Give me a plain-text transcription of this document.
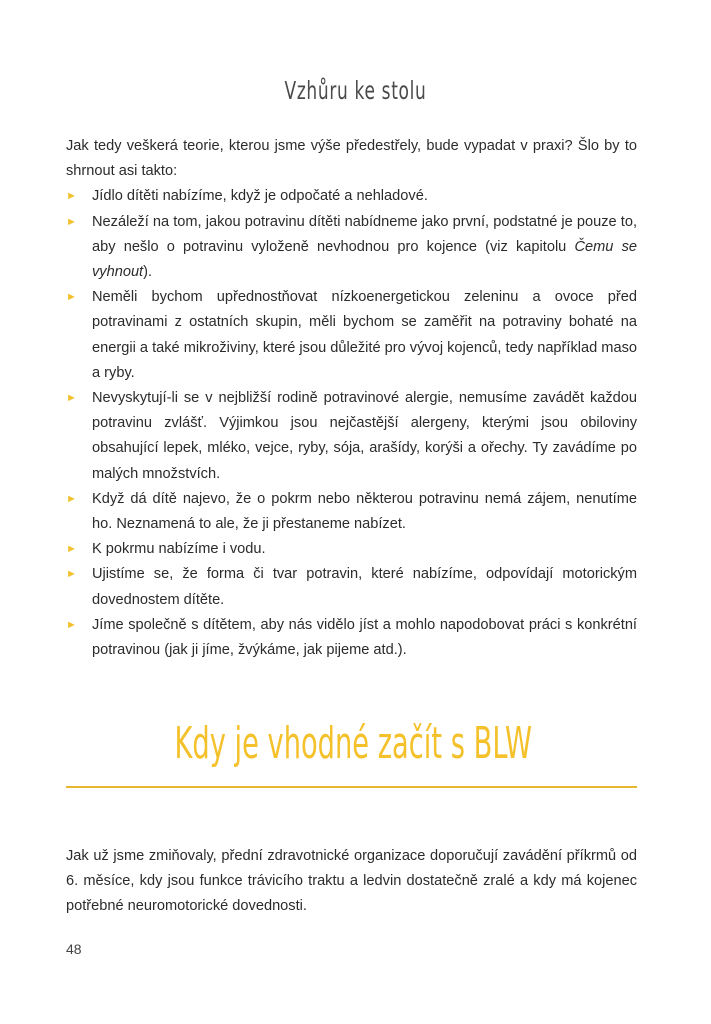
Vzhůru ke stolu

Jak tedy veškerá teorie, kterou jsme výše předestřely, bude vypadat v praxi? Šlo by to shrnout asi takto:

► Jídlo dítěti nabízíme, když je odpočaté a nehladové.
► Nezáleží na tom, jakou potravinu dítěti nabídneme jako první, podstatné je pouze to, aby nešlo o potravinu vyloženě nevhodnou pro kojence (viz kapitolu Čemu se vyhnout).
► Neměli bychom upřednostňovat nízkoenergetickou zeleninu a ovoce před potravinami z ostatních skupin, měli bychom se zaměřit na potraviny bohaté na energii a také mikroživiny, které jsou důležité pro vývoj kojenců, tedy například maso a ryby.
► Nevyskytují-li se v nejbližší rodině potravinové alergie, nemusíme zavádět každou potravinu zvlášť. Výjimkou jsou nejčastější alergeny, kterými jsou obiloviny obsahující lepek, mléko, vejce, ryby, sója, arašídy, korýši a ořechy. Ty zavádíme po malých množstvích.
► Když dá dítě najevo, že o pokrm nebo některou potravinu nemá zájem, nenutíme ho. Neznamená to ale, že ji přestaneme nabízet.
► K pokrmu nabízíme i vodu.
► Ujistíme se, že forma či tvar potravin, které nabízíme, odpovídají motorickým dovednostem dítěte.
► Jíme společně s dítětem, aby nás vidělo jíst a mohlo napodobovat práci s konkrétní potravinou (jak ji jíme, žvýkáme, jak pijeme atd.).
Kdy je vhodné začít s BLW

Jak už jsme zmiňovaly, přední zdravotnické organizace doporučují zavádění příkrmů od 6. měsíce, kdy jsou funkce trávicího traktu a ledvin dostatečně zralé a kdy má kojenec potřebné neuromotorické dovednosti.

48
